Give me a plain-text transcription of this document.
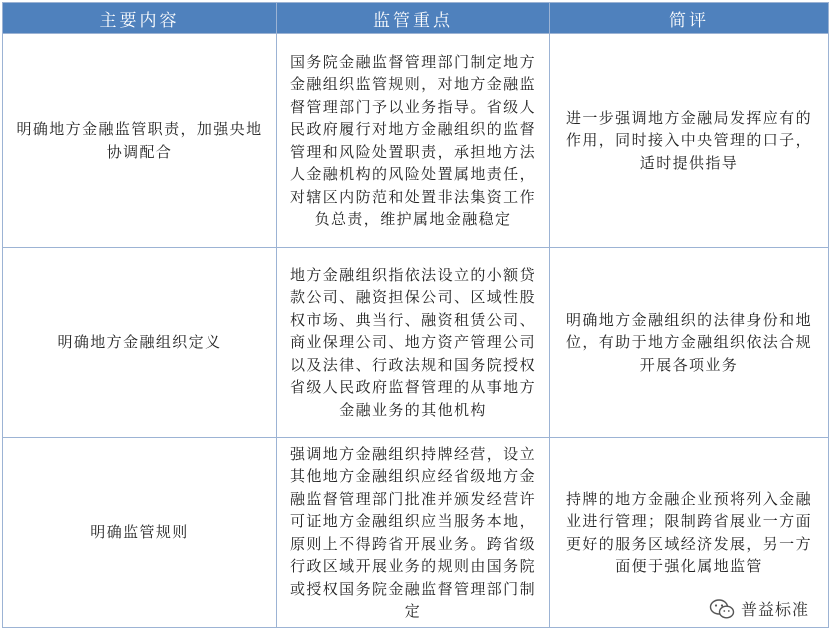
主要内容	监管重点	简评
明确地方金融监管职责，加强央地协调配合	国务院金融监督管理部门制定地方金融组织监管规则，对地方金融监督管理部门予以业务指导。省级人民政府履行对地方金融组织的监督管理和风险处置职责，承担地方法人金融机构的风险处置属地责任，对辖区内防范和处置非法集资工作负总责，维护属地金融稳定	进一步强调地方金融局发挥应有的作用，同时接入中央管理的口子，适时提供指导
明确地方金融组织定义	地方金融组织指依法设立的小额贷款公司、融资担保公司、区域性股权市场、典当行、融资租赁公司、商业保理公司、地方资产管理公司以及法律、行政法规和国务院授权省级人民政府监督管理的从事地方金融业务的其他机构	明确地方金融组织的法律身份和地位，有助于地方金融组织依法合规开展各项业务
明确监管规则	强调地方金融组织持牌经营，设立其他地方金融组织应经省级地方金融监督管理部门批准并颁发经营许可证地方金融组织应当服务本地，原则上不得跨省开展业务。跨省级行政区域开展业务的规则由国务院或授权国务院金融监督管理部门制定	持牌的地方金融企业预将列入金融业进行管理；限制跨省展业一方面更好的服务区域经济发展，另一方面便于强化属地监管
普益标准
